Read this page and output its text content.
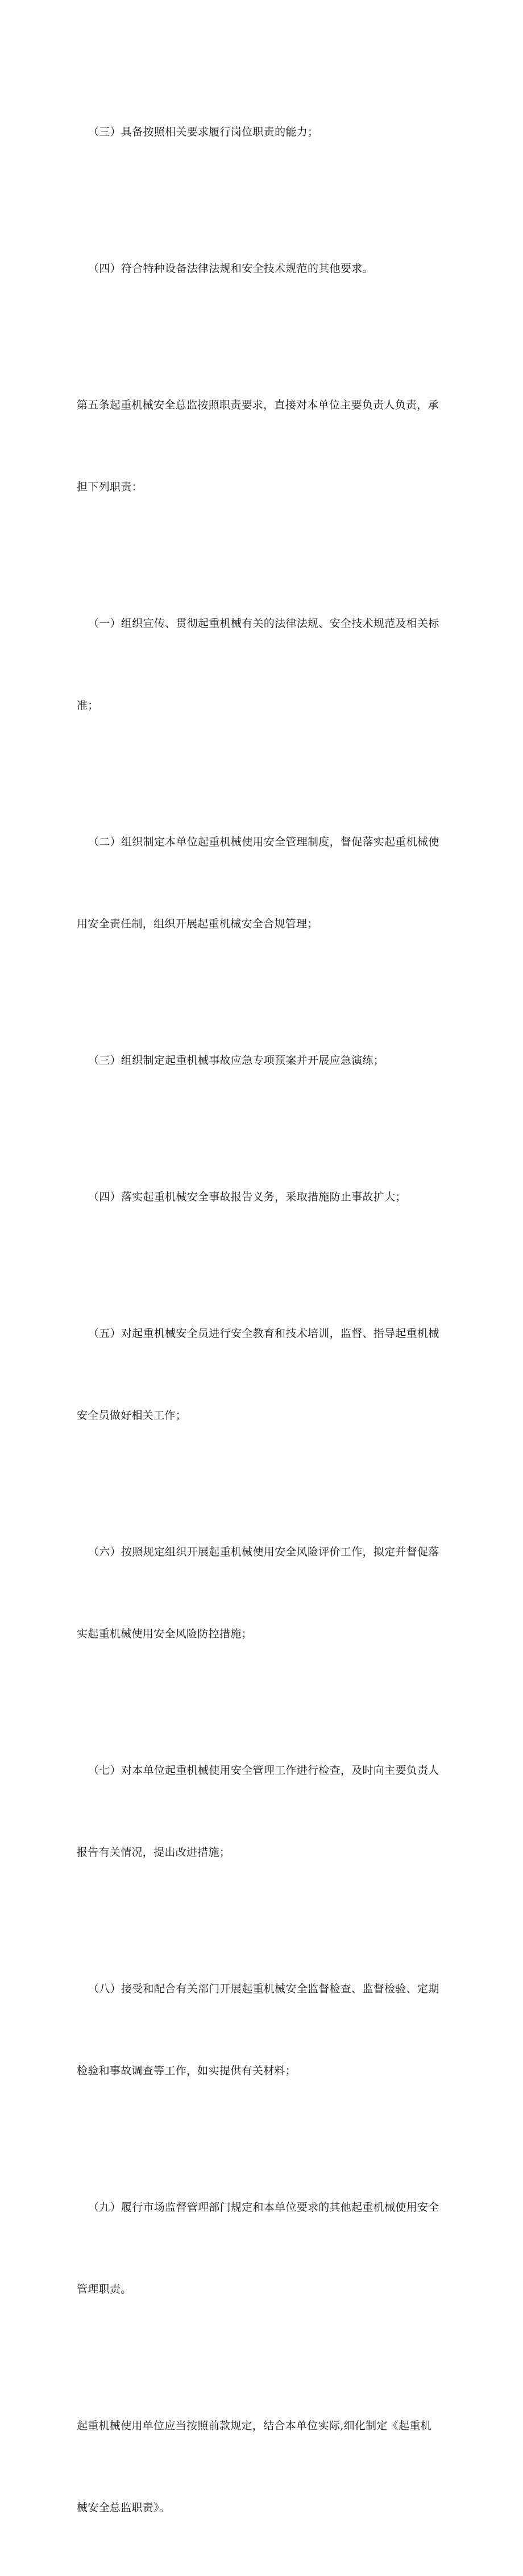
（三）具备按照相关要求履行岗位职责的能力；

（四）符合特种设备法律法规和安全技术规范的其他要求。

第五条起重机械安全总监按照职责要求，直接对本单位主要负责人负责，承

担下列职责：

（一）组织宣传、贯彻起重机械有关的法律法规、安全技术规范及相关标

准；

（二）组织制定本单位起重机械使用安全管理制度，督促落实起重机械使

用安全责任制，组织开展起重机械安全合规管理；

（三）组织制定起重机械事故应急专项预案并开展应急演练；

（四）落实起重机械安全事故报告义务，采取措施防止事故扩大；

（五）对起重机械安全员进行安全教育和技术培训，监督、指导起重机械

安全员做好相关工作；

（六）按照规定组织开展起重机械使用安全风险评价工作，拟定并督促落

实起重机械使用安全风险防控措施；

（七）对本单位起重机械使用安全管理工作进行检查，及时向主要负责人

报告有关情况，提出改进措施；

（八）接受和配合有关部门开展起重机械安全监督检查、监督检验、定期

检验和事故调查等工作，如实提供有关材料；

（九）履行市场监督管理部门规定和本单位要求的其他起重机械使用安全

管理职责。

起重机械使用单位应当按照前款规定，结合本单位实际,细化制定《起重机

械安全总监职责》。
